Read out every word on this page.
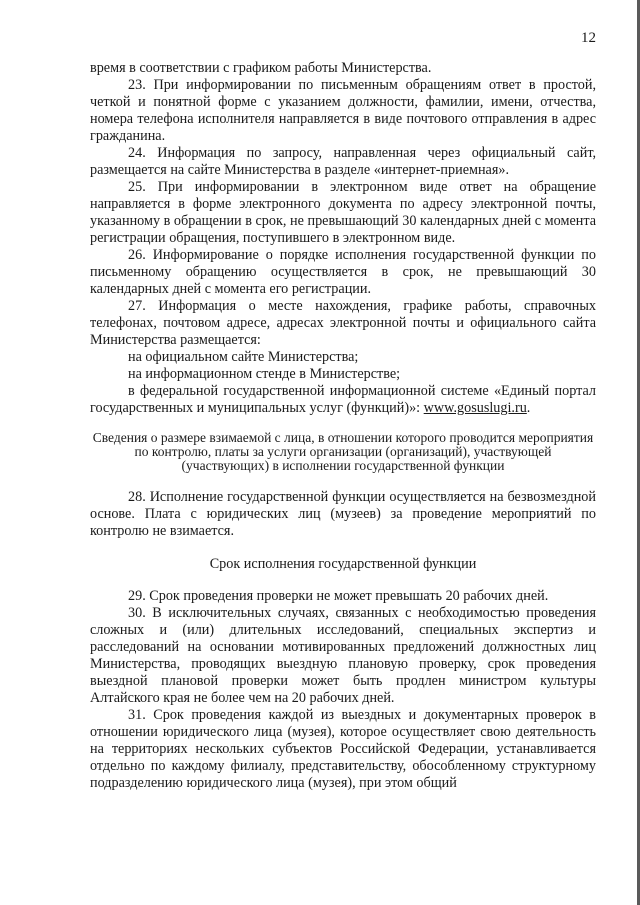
12

время в соответствии с графиком работы Министерства.

23. При информировании по письменным обращениям ответ в простой, четкой и понятной форме с указанием должности, фамилии, имени, отчества, номера телефона исполнителя направляется в виде почтового отправления в адрес гражданина.

24. Информация по запросу, направленная через официальный сайт, размещается на сайте Министерства в разделе «интернет-приемная».

25. При информировании в электронном виде ответ на обращение направляется в форме электронного документа по адресу электронной почты, указанному в обращении в срок, не превышающий 30 календарных дней с момента регистрации обращения, поступившего в электронном виде.

26. Информирование о порядке исполнения государственной функции по письменному обращению осуществляется в срок, не превышающий 30 календарных дней с момента его регистрации.

27. Информация о месте нахождения, графике работы, справочных телефонах, почтовом адресе, адресах электронной почты и официального сайта Министерства размещается:

на официальном сайте Министерства;

на информационном стенде в Министерстве;

в федеральной государственной информационной системе «Единый портал государственных и муниципальных услуг (функций)»: www.gosuslugi.ru.

Сведения о размере взимаемой с лица, в отношении которого проводится мероприятия по контролю, платы за услуги организации (организаций), участвующей (участвующих) в исполнении государственной функции

28. Исполнение государственной функции осуществляется на безвозмездной основе. Плата с юридических лиц (музеев) за проведение мероприятий по контролю не взимается.

Срок исполнения государственной функции

29. Срок проведения проверки не может превышать 20 рабочих дней.

30. В исключительных случаях, связанных с необходимостью проведения сложных и (или) длительных исследований, специальных экспертиз и расследований на основании мотивированных предложений должностных лиц Министерства, проводящих выездную плановую проверку, срок проведения выездной плановой проверки может быть продлен министром культуры Алтайского края не более чем на 20 рабочих дней.

31. Срок проведения каждой из выездных и документарных проверок в отношении юридического лица (музея), которое осуществляет свою деятельность на территориях нескольких субъектов Российской Федерации, устанавливается отдельно по каждому филиалу, представительству, обособленному структурному подразделению юридического лица (музея), при этом общий
